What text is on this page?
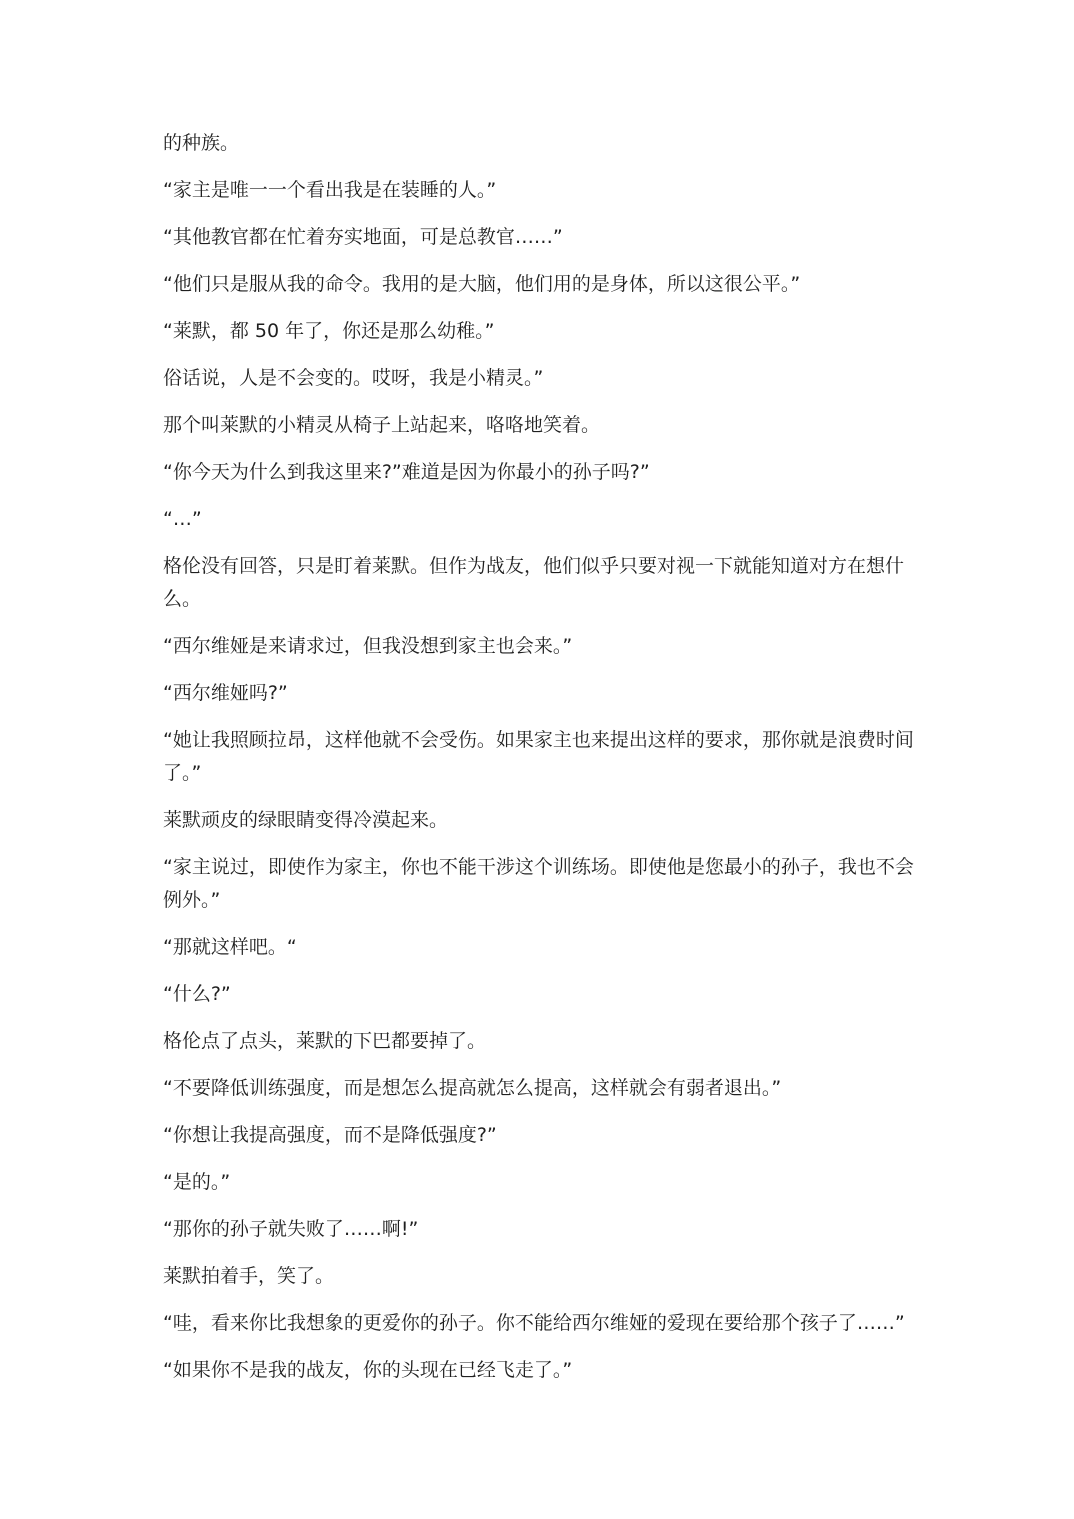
的种族。

“家主是唯一一个看出我是在装睡的人。”

“其他教官都在忙着夯实地面，可是总教官……”

“他们只是服从我的命令。我用的是大脑，他们用的是身体，所以这很公平。”

“莱默，都 50 年了，你还是那么幼稚。”

俗话说，人是不会变的。哎呀，我是小精灵。”

那个叫莱默的小精灵从椅子上站起来，咯咯地笑着。

“你今天为什么到我这里来?”难道是因为你最小的孙子吗?”

“…”

格伦没有回答，只是盯着莱默。但作为战友，他们似乎只要对视一下就能知道对方在想什么。

“西尔维娅是来请求过，但我没想到家主也会来。”

“西尔维娅吗?”

“她让我照顾拉昂，这样他就不会受伤。如果家主也来提出这样的要求，那你就是浪费时间了。”

莱默顽皮的绿眼睛变得冷漠起来。

“家主说过，即使作为家主，你也不能干涉这个训练场。即使他是您最小的孙子，我也不会例外。”

“那就这样吧。“

“什么?”

格伦点了点头，莱默的下巴都要掉了。

“不要降低训练强度，而是想怎么提高就怎么提高，这样就会有弱者退出。”

“你想让我提高强度，而不是降低强度?”

“是的。”

“那你的孙子就失败了……啊!”

莱默拍着手，笑了。

“哇，看来你比我想象的更爱你的孙子。你不能给西尔维娅的爱现在要给那个孩子了……”

“如果你不是我的战友，你的头现在已经飞走了。”
